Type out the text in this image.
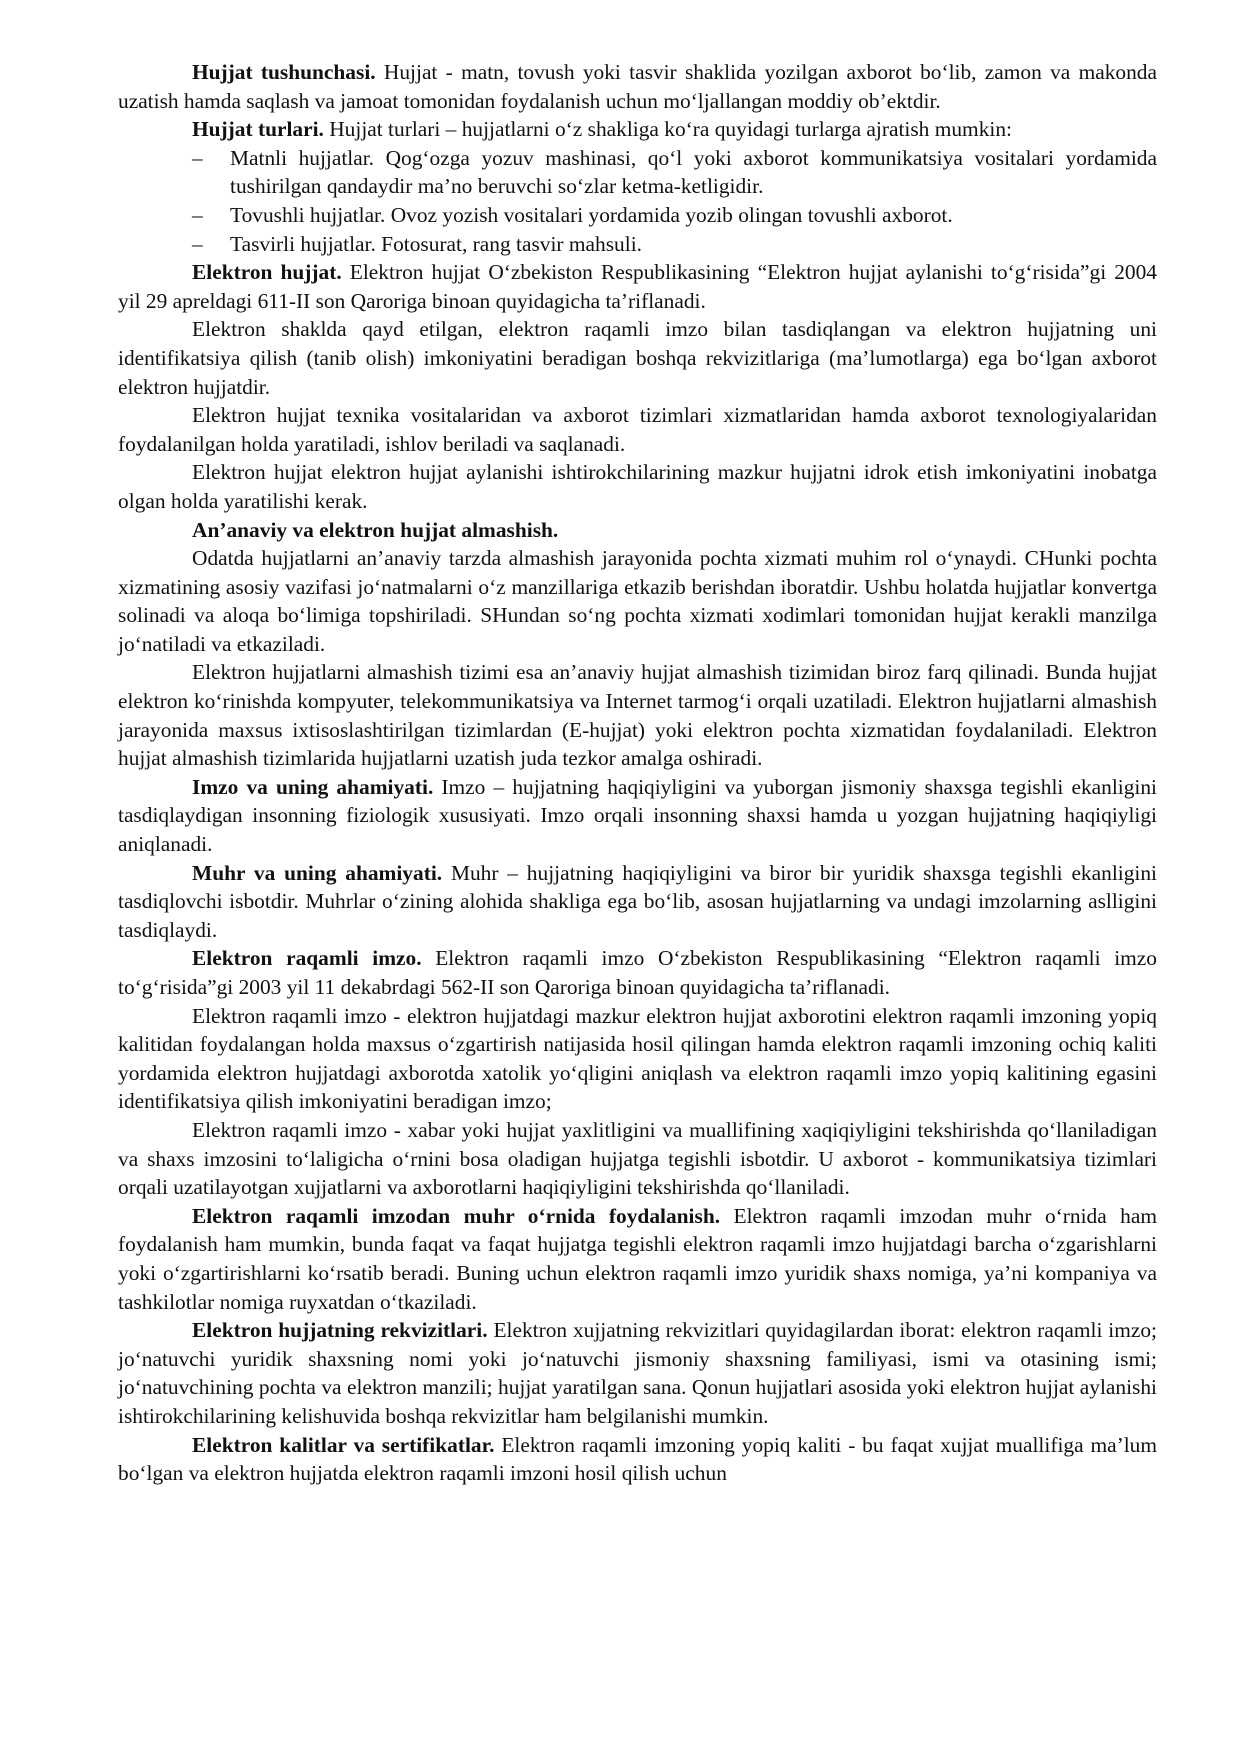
Hujjat tushunchasi. Hujjat - matn, tovush yoki tasvir shaklida yozilgan axborot bo‘lib, zamon va makonda uzatish hamda saqlash va jamoat tomonidan foydalanish uchun mo‘ljallangan moddiy ob’ektdir.

Hujjat turlari. Hujjat turlari – hujjatlarni o‘z shakliga ko‘ra quyidagi turlarga ajratish mumkin:

– Matnli hujjatlar. Qog‘ozga yozuv mashinasi, qo‘l yoki axborot kommunikatsiya vositalari yordamida tushirilgan qandaydir ma’no beruvchi so‘zlar ketma-ketligidir.
– Tovushli hujjatlar. Ovoz yozish vositalari yordamida yozib olingan tovushli axborot.
– Tasvirli hujjatlar. Fotosurat, rang tasvir mahsuli.

Elektron hujjat. Elektron hujjat O‘zbekiston Respublikasining “Elektron hujjat aylanishi to‘g‘risida”gi 2004 yil 29 apreldagi 611-II son Qaroriga binoan quyidagicha ta’riflanadi.

Elektron shaklda qayd etilgan, elektron raqamli imzo bilan tasdiqlangan va elektron hujjatning uni identifikatsiya qilish (tanib olish) imkoniyatini beradigan boshqa rekvizitlariga (ma’lumotlarga) ega bo‘lgan axborot elektron hujjatdir.

Elektron hujjat texnika vositalaridan va axborot tizimlari xizmatlaridan hamda axborot texnologiyalaridan foydalanilgan holda yaratiladi, ishlov beriladi va saqlanadi.

Elektron hujjat elektron hujjat aylanishi ishtirokchilarining mazkur hujjatni idrok etish imkoniyatini inobatga olgan holda yaratilishi kerak.

An’anaviy va elektron hujjat almashish.

Odatda hujjatlarni an’anaviy tarzda almashish jarayonida pochta xizmati muhim rol o‘ynaydi. CHunki pochta xizmatining asosiy vazifasi jo‘natmalarni o‘z manzillariga etkazib berishdan iboratdir. Ushbu holatda hujjatlar konvertga solinadi va aloqa bo‘limiga topshiriladi. SHundan so‘ng pochta xizmati xodimlari tomonidan hujjat kerakli manzilga jo‘natiladi va etkaziladi.

Elektron hujjatlarni almashish tizimi esa an’anaviy hujjat almashish tizimidan biroz farq qilinadi. Bunda hujjat elektron ko‘rinishda kompyuter, telekommunikatsiya va Internet tarmog‘i orqali uzatiladi. Elektron hujjatlarni almashish jarayonida maxsus ixtisoslashtirilgan tizimlardan (E-hujjat) yoki elektron pochta xizmatidan foydalaniladi. Elektron hujjat almashish tizimlarida hujjatlarni uzatish juda tezkor amalga oshiradi.

Imzo va uning ahamiyati. Imzo – hujjatning haqiqiyligini va yuborgan jismoniy shaxsga tegishli ekanligini tasdiqlaydigan insonning fiziologik xususiyati. Imzo orqali insonning shaxsi hamda u yozgan hujjatning haqiqiyligi aniqlanadi.

Muhr va uning ahamiyati. Muhr – hujjatning haqiqiyligini va biror bir yuridik shaxsga tegishli ekanligini tasdiqlovchi isbotdir. Muhrlar o‘zining alohida shakliga ega bo‘lib, asosan hujjatlarning va undagi imzolarning aslligini tasdiqlaydi.

Elektron raqamli imzo. Elektron raqamli imzo O‘zbekiston Respublikasining “Elektron raqamli imzo to‘g‘risida”gi 2003 yil 11 dekabrdagi 562-II son Qaroriga binoan quyidagicha ta’riflanadi.

Elektron raqamli imzo - elektron hujjatdagi mazkur elektron hujjat axborotini elektron raqamli imzoning yopiq kalitidan foydalangan holda maxsus o‘zgartirish natijasida hosil qilingan hamda elektron raqamli imzoning ochiq kaliti yordamida elektron hujjatdagi axborotda xatolik yo‘qligini aniqlash va elektron raqamli imzo yopiq kalitining egasini identifikatsiya qilish imkoniyatini beradigan imzo;

Elektron raqamli imzo - xabar yoki hujjat yaxlitligini va muallifining xaqiqiyligini tekshirishda qo‘llaniladigan va shaxs imzosini to‘laligicha o‘rnini bosa oladigan hujjatga tegishli isbotdir. U axborot - kommunikatsiya tizimlari orqali uzatilayotgan xujjatlarni va axborotlarni haqiqiyligini tekshirishda qo‘llaniladi.

Elektron raqamli imzodan muhr o‘rnida foydalanish. Elektron raqamli imzodan muhr o‘rnida ham foydalanish ham mumkin, bunda faqat va faqat hujjatga tegishli elektron raqamli imzo hujjatdagi barcha o‘zgarishlarni yoki o‘zgartirishlarni ko‘rsatib beradi. Buning uchun elektron raqamli imzo yuridik shaxs nomiga, ya’ni kompaniya va tashkilotlar nomiga ruyxatdan o‘tkaziladi.

Elektron hujjatning rekvizitlari. Elektron xujjatning rekvizitlari quyidagilardan iborat: elektron raqamli imzo; jo‘natuvchi yuridik shaxsning nomi yoki jo‘natuvchi jismoniy shaxsning familiyasi, ismi va otasining ismi; jo‘natuvchining pochta va elektron manzili; hujjat yaratilgan sana. Qonun hujjatlari asosida yoki elektron hujjat aylanishi ishtirokchilarining kelishuvida boshqa rekvizitlar ham belgilanishi mumkin.

Elektron kalitlar va sertifikatlar. Elektron raqamli imzoning yopiq kaliti - bu faqat xujjat muallifiga ma’lum bo‘lgan va elektron hujjatda elektron raqamli imzoni hosil qilish uchun
